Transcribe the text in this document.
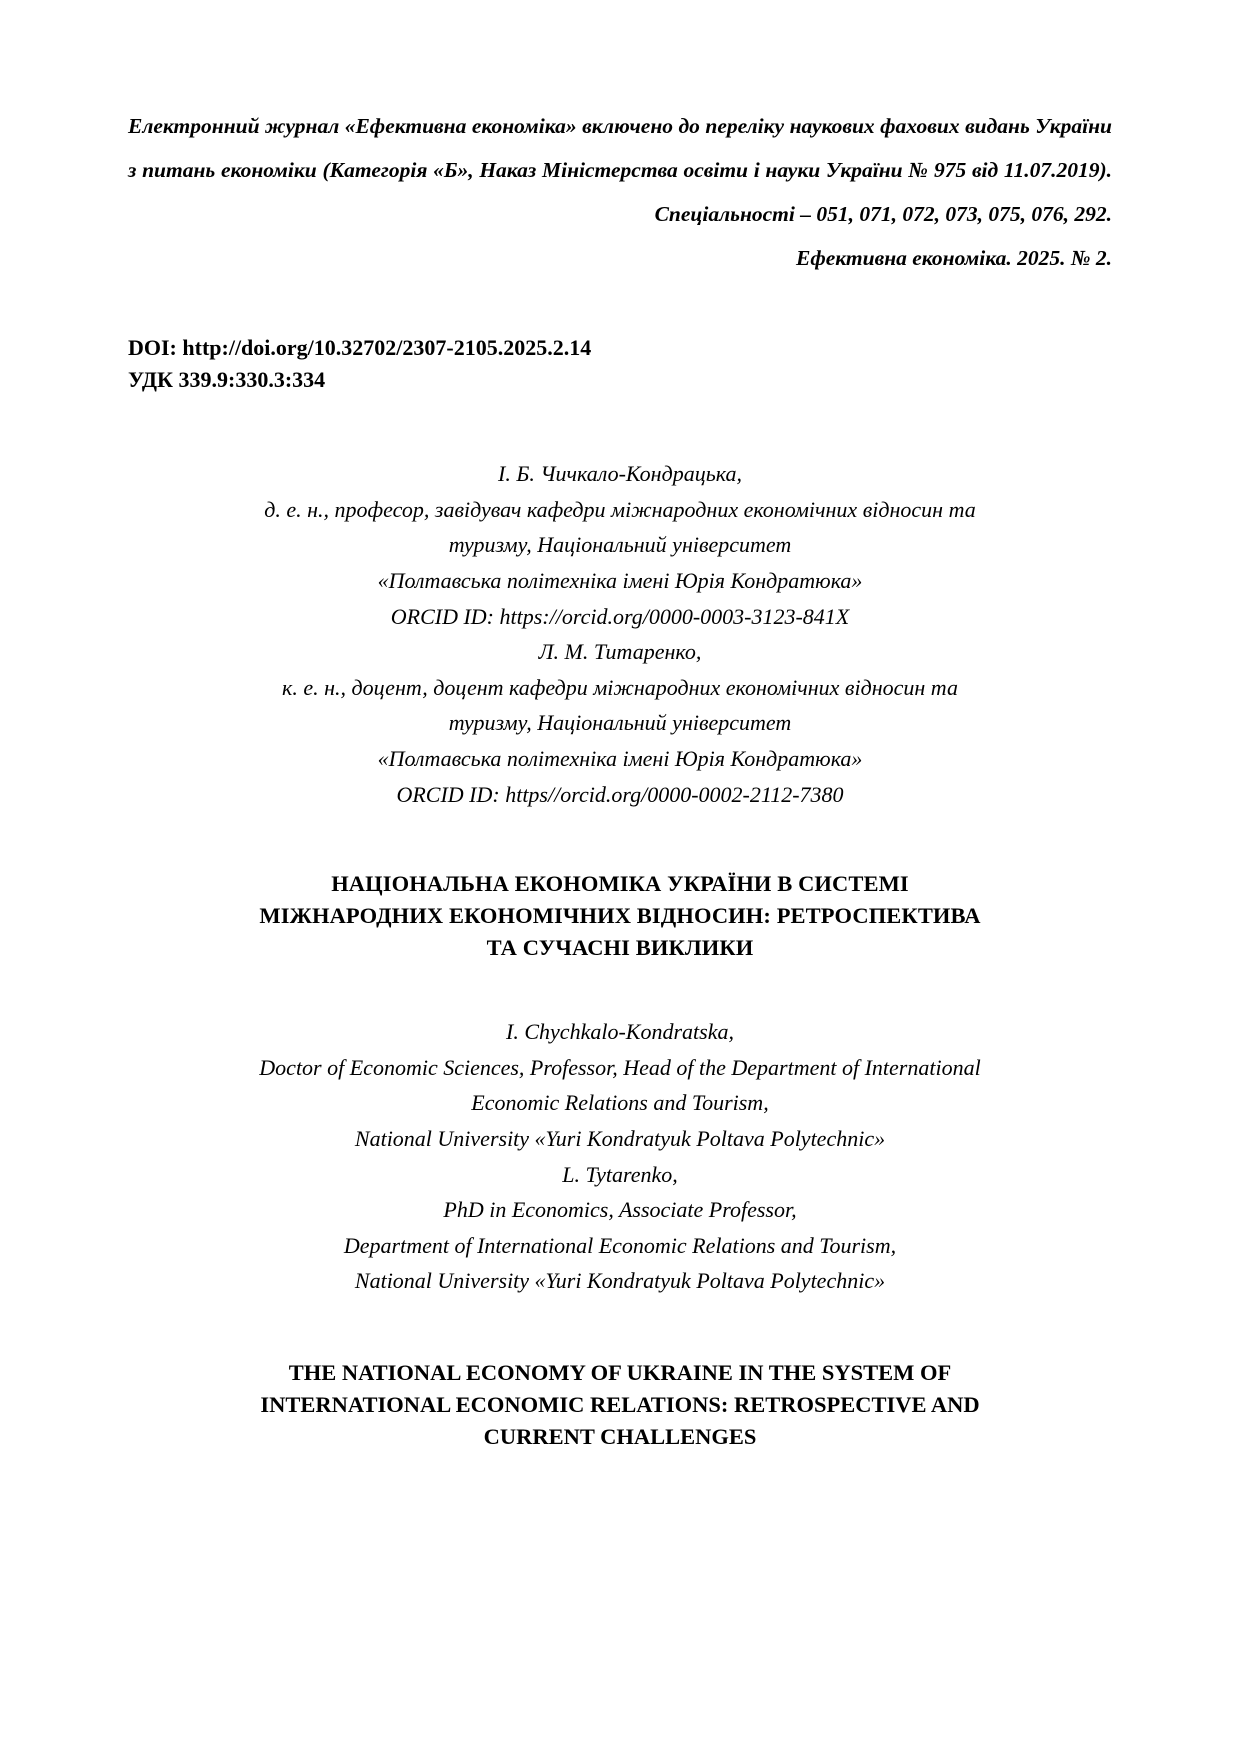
Електронний журнал «Ефективна економіка» включено до переліку наукових фахових видань України з питань економіки (Категорія «Б», Наказ Міністерства освіти і науки України № 975 від 11.07.2019). Спеціальності – 051, 071, 072, 073, 075, 076, 292.
Ефективна економіка. 2025. № 2.
DOI: http://doi.org/10.32702/2307-2105.2025.2.14
УДК 339.9:330.3:334
І. Б. Чичкало-Кондрацька,
д. е. н., професор, завідувач кафедри міжнародних економічних відносин та
туризму, Національний університет
«Полтавська політехніка імені Юрія Кондратюка»
ORCID ID: https://orcid.org/0000-0003-3123-841X
Л. М. Титаренко,
к. е. н., доцент, доцент кафедри міжнародних економічних відносин та
туризму, Національний університет
«Полтавська політехніка імені Юрія Кондратюка»
ORCID ID: https//orcid.org/0000-0002-2112-7380
НАЦІОНАЛЬНА ЕКОНОМІКА УКРАЇНИ В СИСТЕМІ
МІЖНАРОДНИХ ЕКОНОМІЧНИХ ВІДНОСИН: РЕТРОСПЕКТИВА
ТА СУЧАСНІ ВИКЛИКИ
I. Chychkalo-Kondratska,
Doctor of Economic Sciences, Professor, Head of the Department of International
Economic Relations and Tourism,
National University «Yuri Kondratyuk Poltava Polytechnic»
L. Tytarenko,
PhD in Economics, Associate Professor,
Department of International Economic Relations and Tourism,
National University «Yuri Kondratyuk Poltava Polytechnic»
THE NATIONAL ECONOMY OF UKRAINE IN THE SYSTEM OF
INTERNATIONAL ECONOMIC RELATIONS: RETROSPECTIVE AND
CURRENT CHALLENGES
